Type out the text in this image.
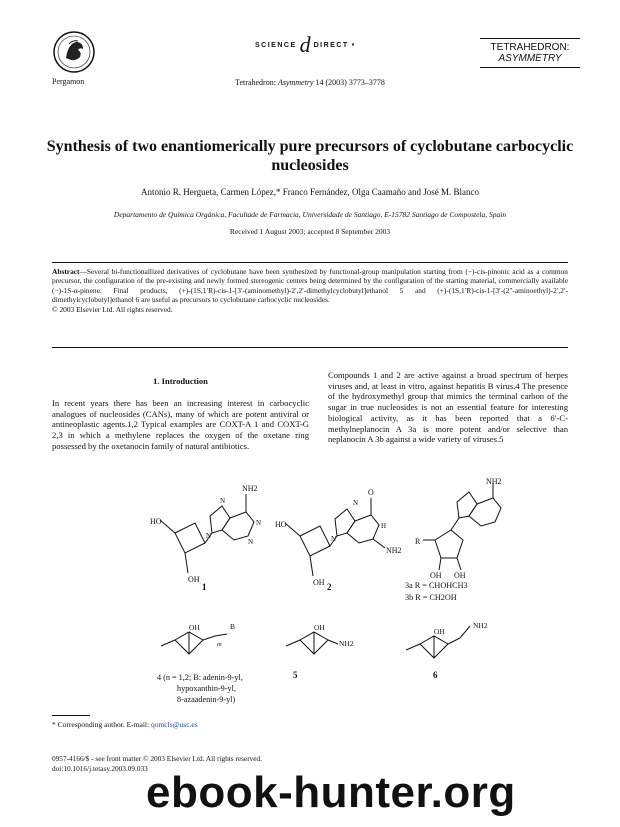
Pergamon
SCIENCE d DIRECT •
Tetrahedron: Asymmetry 14 (2003) 3773–3778
TETRAHEDRON:
ASYMMETRY
Synthesis of two enantiomerically pure precursors of cyclobutane carbocyclic nucleosides
Antonio R. Hergueta, Carmen López,* Franco Fernández, Olga Caamaño and José M. Blanco
Departamento de Química Orgánica, Facultade de Farmacia, Universidade de Santiago, E-15782 Santiago de Compostela, Spain
Received 1 August 2003; accepted 8 September 2003
Abstract—Several bi-functionallized derivatives of cyclobutane have been synthesized by functional-group manipulation starting from (−)-cis-pinonic acid as a common precursor, the configuration of the pre-existing and newly formed stereogenic centers being determined by the configuration of the starting material, commercially available (−)-1S-α-pinene. Final products, (+)-(1S,1′R)-cis-1-[3′-(aminomethyl)-2′,2′-dimethylcyclobutyl]ethanol 5 and (+)-(1S,1′R)-cis-1-[3′-(2″-aminoethyl)-2′,2′-dimethylcyclobutyl]ethanol 6 are useful as precursors to cyclobutane carbocyclic nucleosides.
© 2003 Elsevier Ltd. All rights reserved.
1. Introduction
In recent years there has been an increasing interest in carbocyclic analogues of nucleosides (CANs), many of which are potent antiviral or antineoplastic agents.1,2 Typical examples are COXT-A 1 and COXT-G 2,3 in which a methylene replaces the oxygen of the oxetane ring possessed by the oxetanocin family of natural antibiotics.
Compounds 1 and 2 are active against a broad spectrum of herpes viruses and, at least in vitro, against hepatitis B virus.4 The presence of the hydroxymethyl group that mimics the terminal carbon of the sugar in true nucleosides is not an essential feature for interesting biological activity, as it has been reported that a 6′-C-methylneplanocin A 3a is more potent and/or selective than neplanocin A 3b against a wide variety of viruses.5
HO
OH
NH2
N
N
N
N
1
HO
OH
O
NH2
H
N
N
2
R
OH OH
NH2
3a R = CHOHCH3
3b R = CH2OH
OH	B
m
OH
NH2
OH
NH2
5	6
4 (n = 1,2; B: adenin-9-yl,
hypoxanthin-9-yl,
8-azaadenin-9-yl)
* Corresponding author. E-mail: qomcls@usc.es
0957-4166/$ - see front matter © 2003 Elsevier Ltd. All rights reserved.
doi:10.1016/j.tetasy.2003.09.033
ebook-hunter.org
